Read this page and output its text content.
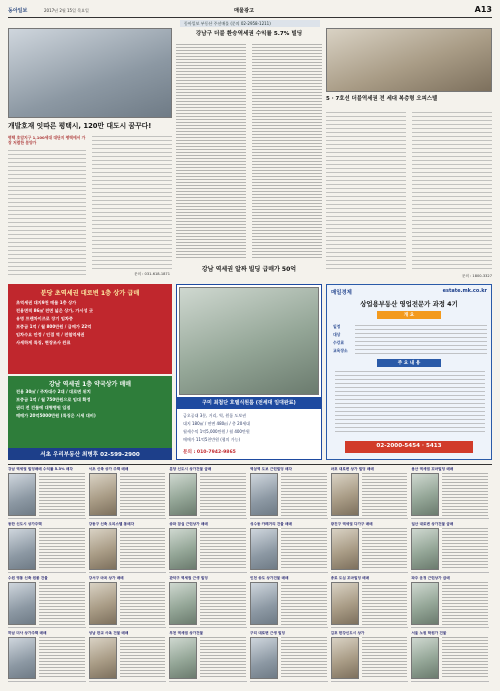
동아일보	2017년 2월 15일 목요일	매물광고	A13
동아일보 부동산 주선매물 (문의 02-2958-1211)
개발호재 잇따른 평택시, 120만 대도시 꿈꾸다!
평택 호암지구 1,100세대 대단지 평택에서 가장 저렴한 분양가
문의 : 031-618-1871
강남구 더블 환승역세권 수익률 5.7% 빌딩
강남 역세권 알짜 빌딩 급매가 50억
5 · 7호선 더블역세권 전 세대 복층형 오피스텔
문의 : 1800-3327
분당 초역세권 대로변 1층 상가 급매
초역세권 대지9천 매물 1층 상가
전용면적 86㎡ 전면 넓은 상가, 가시성 굿
유명 프랜차이즈로 장기 임차중
보증금 1억 / 월 800만원 / 급매가 22억
임차수요 안정 / 인접 역 / 전철역세권
사세하게 특징, 현장조사 완료
강남 역세권 1층 약국상가 매매
전용 30㎡ / 주차대수 2대 / 대로변 위치
보증금 1억 / 월 750만원으로 임대 확정
권리 전 건물에 대형병원 입점
매매가 20억5000만원 (특징은 시세 대비)
서초 우리부동산 최병후 02-599-2900
구미 최첨단 호텔식원룸 (전세대 임대완료)
금오공대 3분, 거리, 역, 원룸 도보권
대지 180㎡ / 연면 480㎡ / 총 20세대
월세수익 1억5,000만원 / 월 400만원
매매가 11억5천만원 (협의 가능)
문의 : 010-7942-9865
매일경제	estate.mk.co.kr
상업용부동산 영업전문가 과정 4기
개 요
일정
대상
수강료
교육장소
주 요 내 용
02-2000-5454 · 5413
강남 역세권 빌딩매매 수익률 5.3% 매각	서초 신축 상가 주택 매매	분당 신도시 상가건물 급매	역삼역 도보 근린빌딩 매각	마포 대로변 상가 빌딩 매매	용산 역세권 꼬마빌딩 매매
동탄 신도시 상가주택	강동구 신축 오피스텔 통매각	송파 잠실 근린상가 매매	성수동 카페거리 건물 매매	광진구 역세권 다가구 매매	일산 대로변 상가건물 급매
수원 영통 신축 원룸 건물	강서구 마곡 상가 매매	관악구 역세권 근생 빌딩	인천 송도 상가건물 매매	종로 도심 꼬마빌딩 매매	파주 운정 근린상가 급매
하남 미사 상가주택 매매	성남 판교 사옥 건물 매매	부천 역세권 상가건물	구리 대로변 근생 빌딩	김포 한강신도시 상가	서울 노원 학원가 건물
